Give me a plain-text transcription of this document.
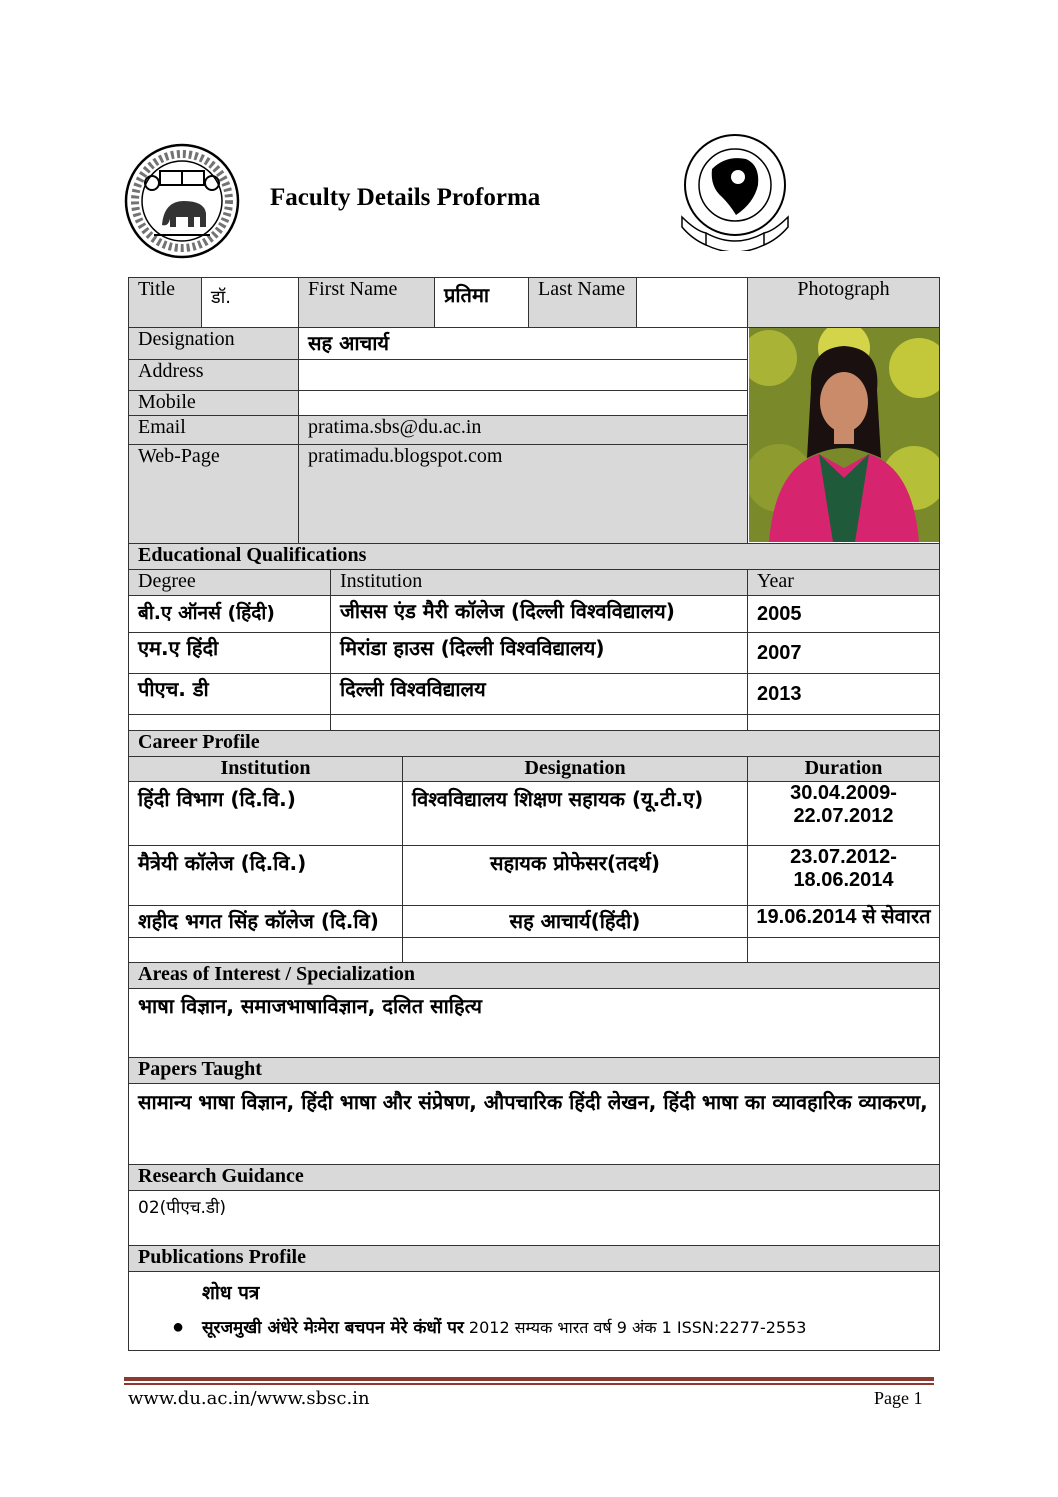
Faculty Details Proforma
Title	डॉ.	First Name	प्रतिमा	Last Name		Photograph
Designation		सह आचार्य	

Address						
Mobile						
Email		pratima.sbs@du.ac.in				
Web-Page		pratimadu.blogspot.com				
Educational Qualifications		
Degree	Institution	Year
बी.ए ऑनर्स (हिंदी)	जीसस एंड मैरी कॉलेज (दिल्ली विश्वविद्यालय)	2005
एम.ए हिंदी	मिरांडा हाउस (दिल्ली विश्वविद्यालय)	2007
पीएच. डी	दिल्ली विश्वविद्यालय	2013

Career Profile		
Institution	Designation	Duration
हिंदी विभाग (दि.वि.)	विश्वविद्यालय शिक्षण सहायक (यू.टी.ए)	30.04.2009-
22.07.2012

मैत्रेयी कॉलेज (दि.वि.)	सहायक प्रोफेसर(तदर्थ)	23.07.2012-
18.06.2014

शहीद भगत सिंह कॉलेज (दि.वि)	सह आचार्य(हिंदी)	19.06.2014 से सेवारत

Areas of Interest / Specialization
भाषा विज्ञान, समाजभाषाविज्ञान, दलित साहित्य
Papers Taught
सामान्य भाषा विज्ञान, हिंदी भाषा और संप्रेषण, औपचारिक हिंदी लेखन, हिंदी भाषा का व्यावहारिक व्याकरण,
Research Guidance
02(पीएच.डी)
Publications Profile

शोध पत्र
● सूरजमुखी अंधेरे मेःमेरा बचपन मेरे कंधों पर 2012 सम्यक भारत वर्ष 9 अंक 1 ISSN:2277-2553
www.du.ac.in/www.sbsc.in	Page 1
